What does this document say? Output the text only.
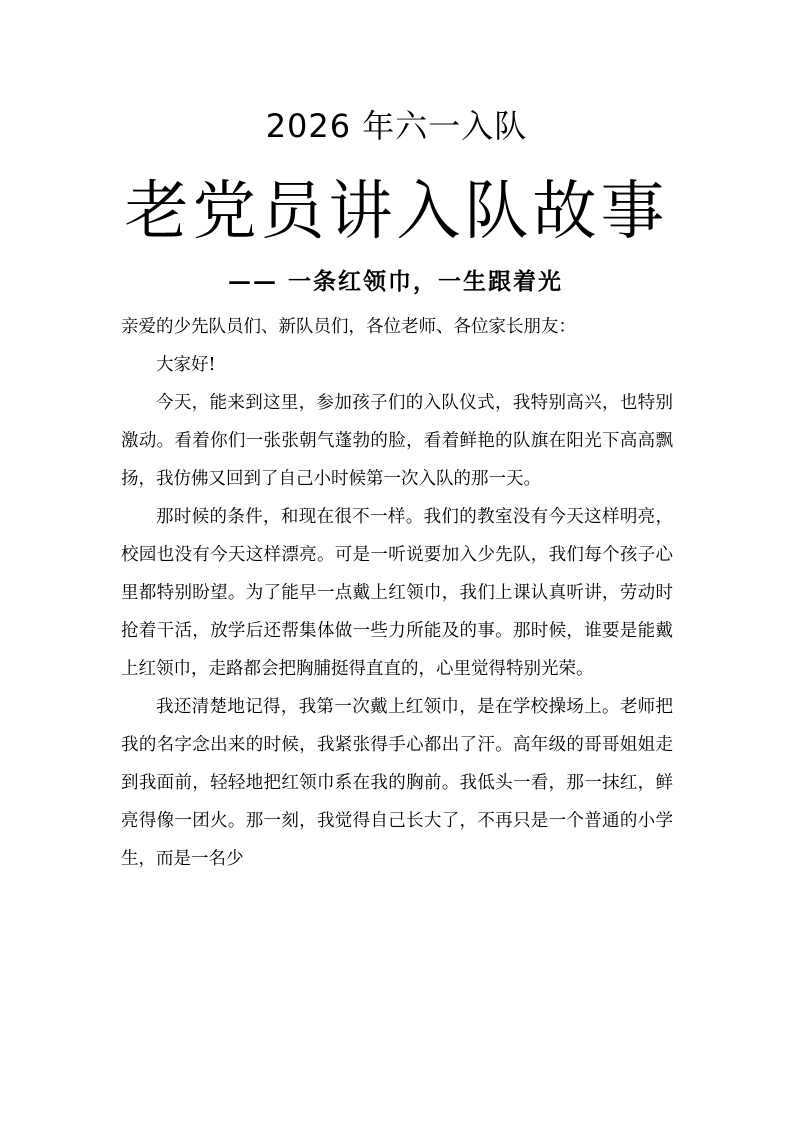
2026 年六一入队
老党员讲入队故事
—— 一条红领巾，一生跟着光

亲爱的少先队员们、新队员们，各位老师、各位家长朋友：

大家好!

今天，能来到这里，参加孩子们的入队仪式，我特别高兴，也特别激动。看着你们一张张朝气蓬勃的脸，看着鲜艳的队旗在阳光下高高飘扬，我仿佛又回到了自己小时候第一次入队的那一天。

那时候的条件，和现在很不一样。我们的教室没有今天这样明亮，校园也没有今天这样漂亮。可是一听说要加入少先队，我们每个孩子心里都特别盼望。为了能早一点戴上红领巾，我们上课认真听讲，劳动时抢着干活，放学后还帮集体做一些力所能及的事。那时候，谁要是能戴上红领巾，走路都会把胸脯挺得直直的，心里觉得特别光荣。

我还清楚地记得，我第一次戴上红领巾，是在学校操场上。老师把我的名字念出来的时候，我紧张得手心都出了汗。高年级的哥哥姐姐走到我面前，轻轻地把红领巾系在我的胸前。我低头一看，那一抹红，鲜亮得像一团火。那一刻，我觉得自己长大了，不再只是一个普通的小学生，而是一名少
